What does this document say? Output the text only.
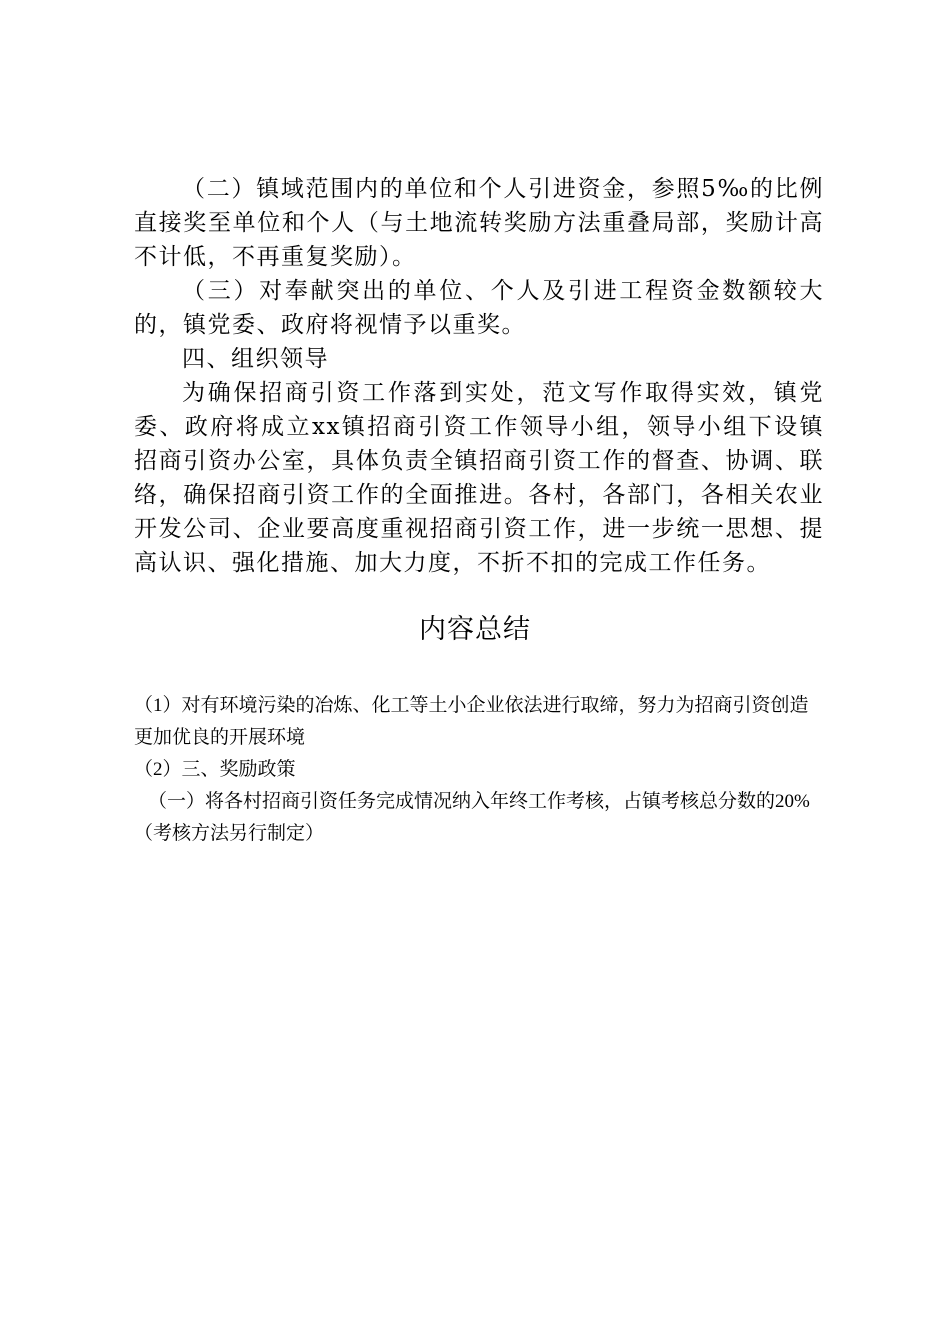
（二）镇域范围内的单位和个人引进资金，参照5‰的比例直接奖至单位和个人（与土地流转奖励方法重叠局部，奖励计高不计低，不再重复奖励）。

（三）对奉献突出的单位、个人及引进工程资金数额较大的，镇党委、政府将视情予以重奖。

四、组织领导

为确保招商引资工作落到实处，范文写作取得实效，镇党委、政府将成立xx镇招商引资工作领导小组，领导小组下设镇招商引资办公室，具体负责全镇招商引资工作的督查、协调、联络，确保招商引资工作的全面推进。各村，各部门，各相关农业开发公司、企业要高度重视招商引资工作，进一步统一思想、提高认识、强化措施、加大力度，不折不扣的完成工作任务。

内容总结

（1）对有环境污染的冶炼、化工等土小企业依法进行取缔，努力为招商引资创造更加优良的开展环境

（2）三、奖励政策

（一）将各村招商引资任务完成情况纳入年终工作考核，占镇考核总分数的20%（考核方法另行制定）
